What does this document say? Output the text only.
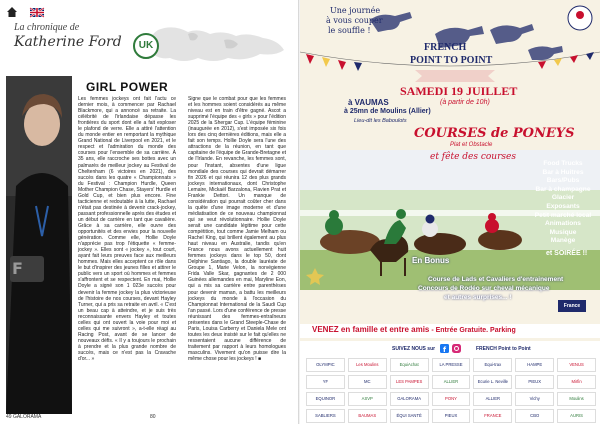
La chronique de
Katherine Ford	UK
F
GIRL POWER
Les femmes jockeys ont fait l'actu ce dernier mois, à commencer par Rachael Blackmore, qui a annoncé sa retraite. La célébrité de l'irlandaise dépasse les frontières du sport dont elle a fait exploser le plafond de verre. Elle a attiré l'attention du monde entier en remportant la mythique Grand National de Liverpool en 2021, et le respect et l'admiration du monde des courses pour l'ensemble de sa carrière. À 35 ans, elle raccroche ses bottes avec un palmarès de meilleur jockey au Festival de Cheltenham (6 victoires en 2021), des succès dans les quatre « Championnats » du Festival : Champion Hurdle, Queen Mother Champion Chase, Stayers' Hurdle et Gold Cup, et bien plus encore. Fine tacticienne et redoutable à la lutte, Rachael n'était pas destinée à devenir crack-jockey, passant professionnelle après des études et un début de carrière en tant que cavalière. Grâce à sa carrière, elle ouvre des opportunités et des envies pour la nouvelle génération. Comme elle, Hollie Doyle n'apprécie pas trop l'étiquette « femme-jockey ». Elles sont « jockey », tout court, ayant fait leurs preuves face aux meilleurs hommes. Mais elles acceptent ce rôle dans le but d'inspirer des jeunes filles et attirer le public vers un sport où hommes et femmes s'affrontent et se respectent. En mai, Hollie Doyle a signé son 1 023e succès pour devenir la femme jockey la plus victorieuse de l'histoire de nos courses, devant Hayley Turner, qui a pris sa retraite en avril. « C'est un beau cap à atteindre, et je suis très reconnaissante envers Hayley et toutes celles qui ont ouvert la voie pour moi et celles qui me suivront », a-t-elle réagi au Racing Post, avant de se lancer de nouveaux défis. « Il y a toujours le prochain à prendre et la plus grande nombre de succès, mais ce n'est pas la Cravache d'or... »
Signe que le combat pour que les femmes et les hommes soient considérés au même niveau est en train d'être gagné. Ascot a supprimé l'équipe des « girls » pour l'édition 2025 de la Shergar Cup. L'équipe féminine (inaugurée en 2012), s'est imposée six fois lors des cinq dernières éditions, mais elle a fait son temps. Hollie Doyle sera l'une des attractions de la réunion, en tant que capitaine de l'équipe de Grande-Bretagne et de l'Irlande. En revanche, les femmes sont, pour l'instant, absentes d'une ligue mondiale des courses qui devrait démarrer fin 2026 et qui réunira 12 des plus grands jockeys internationaux, dont Christophe Lemaire, Mickaël Barzalona, Flavien Prat et Frankie Dettori. Un manque de considération qui pourrait coûter cher dans la quête d'une image moderne et d'une médiatisation de ce nouveau championnat qui se veut révolutionnaire. Hollie Doyle serait une candidate légitime pour cette compétition, tout comme Jamie Melham ou Rachel King, qui brillent également au plus haut niveau en Australie, tandis qu'en France nous avons actuellement huit femmes jockeys dans le top 50, dont Delphine Santiago, la double lauréate de Groupe 1, Marie Velon, la norvégienne Frida Valle Skar, gagnantes de 2 000 Guinées allemandes en mai, Maryline Eon, qui a mis sa carrière entre parenthèses pour devenir maman, a battu les meilleurs jockeys du monde à l'occasion du Championnat International de la Saudi Cup l'an passé. Lors d'une conférence de presse réunissant des femmes-entraîneurs présentes dans le Grand Steeple-Chase de Paris, Louisa Carberry et Daniela Mele ont toutes les deux insisté sur le fait qu'elles ne ressentaient aucune différence de traitement par rapport à leurs homologues masculins. Vivement qu'on puisse dire la même chose pour les jockeys ! ■
49 GALORAMA	80
Une journée
à vous couper
le souffle !
FRENCH
POINT TO POINT
SAMEDI 19 JUILLET
(à partir de 10h)
à VAUMAS
à 25mn de Moulins (Allier)
Lieu-dit les Baboulots
COURSES de PONEYS
Plat et Obstacle
et fête des courses
Food Trucks
Bar à Huitres
Bars/Pubs
Bar à champagne
Glacier
Exposants
Petit marché local
Animations
Musique
Manège
et SOIRÉE !!
En Bonus
Course de Lads et Cavaliers d'entrainement
Concours de Rodéo sur cheval mécanique
et autres surprises... !
France
VENEZ en famille et entre amis - Entrée Gratuite. Parking
SUIVEZ NOUS sur f	FRENCH Point to Point
OLYMPIC	Les Moulins	EquiAchat	LA PRESSE	Equi-trax	HAMPE	VENUS
YF	MC	LES PAMPES	ALLIER	Ecurie L. Neville	PIEUX	Mirfin
EQUINOR	ASVP	GALORAMA	PONY	ALLIER	Vichy	Moulins
SABLIERS	BAUMAS	ÉQUI SANTÉ	PIEUX	FRANCE	CBO	AURIS
